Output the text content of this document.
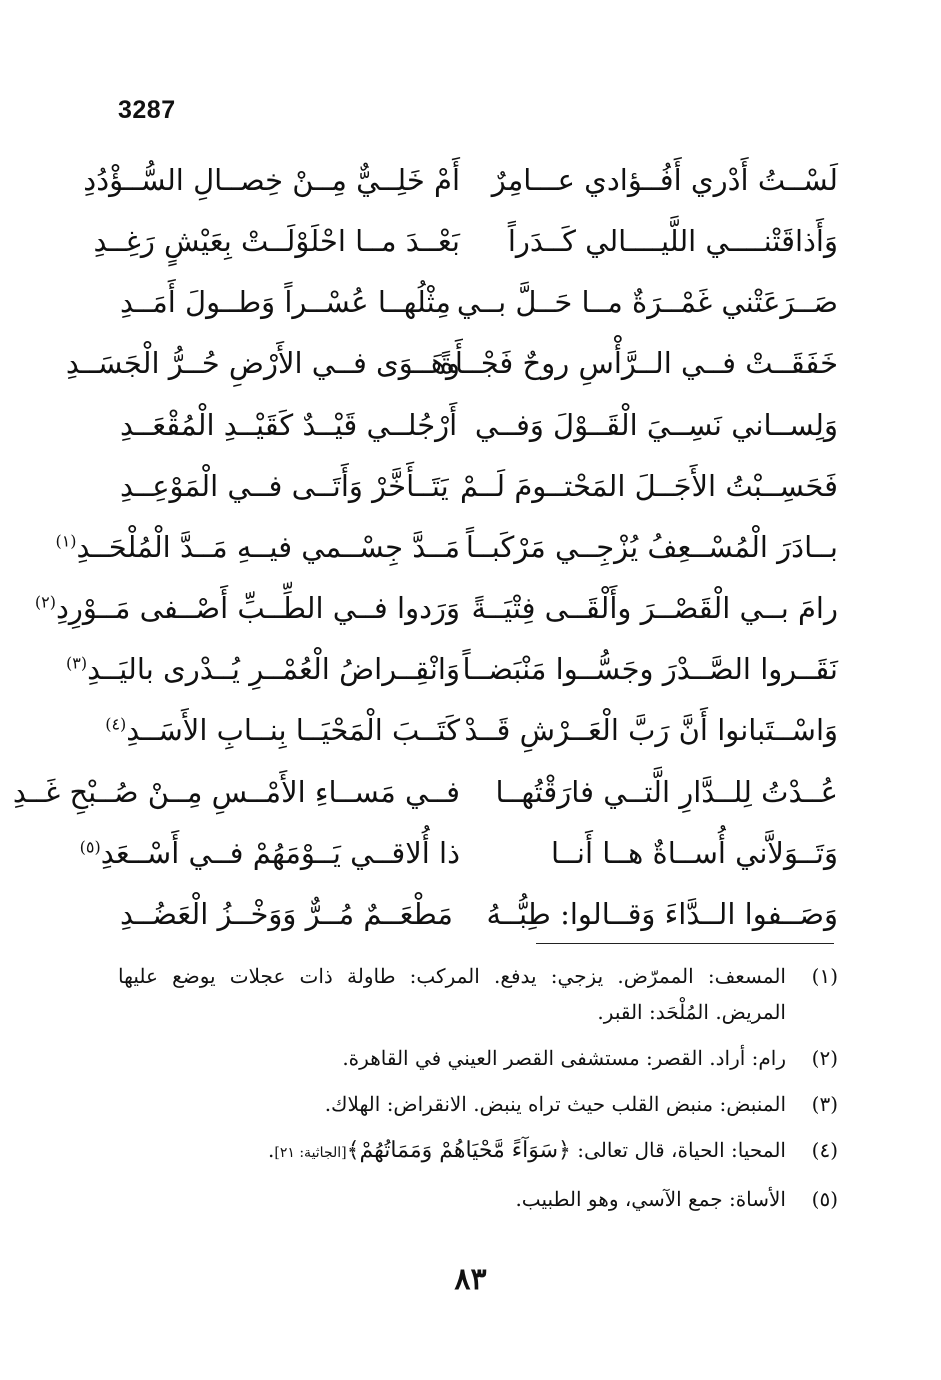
3287
لَسْــتُ أَدْري أَفُــؤادي عـــامِرٌ
أَمْ خَلِــيٌّ مِــنْ خِصــالِ السُّــؤْدُدِ
وَأَذاقَتْنــــي اللَّيــــالي كَــدَراً
بَعْــدَ مــا احْلَوْلَــتْ بِعَيْشٍ رَغِــدِ
صَــرَعَتْني غَمْــرَةٌ مــا حَــلَّ بــي
مِثْلُهــا عُسْــراً وَطــولَ أَمَــدِ
خَفَقَــتْ فــي الــرَّأْسِ روحٌ فَجْــأَةً
وهَــوَى فــي الأَرْضِ حُــرُّ الْجَسَــدِ
وَلِســاني نَسِــيَ الْقَــوْلَ وَفــي
أَرْجُلــي قَيْــدٌ كَقَيْــدِ الْمُقْعَــدِ
فَحَسِــبْتُ الأَجَــلَ المَحْتــومَ لَــمْ
يَتَــأَخَّرْ وَأَتَــى فــي الْمَوْعِــدِ
بــادَرَ الْمُسْــعِفُ يُزْجِــي مَرْكَبــاً
مَــدَّ جِسْــمي فيــهِ مَــدَّ الْمُلْحَــدِ$^{(١)}$
رامَ بــي الْقَصْــرَ وأَلْقَــى فِتْيَــةً
وَرَدوا فــي الطِّــبِّ أَصْــفى مَــوْرِدِ$^{(٢)}$
نَقَــروا الصَّــدْرَ وجَسُّــوا مَنْبَضــاً
وَانْقِــراضُ الْعُمْــرِ يُــدْرى باليَــدِ$^{(٣)}$
وَاسْــتَبانوا أَنَّ رَبَّ الْعَــرْشِ قَــدْ
كَتَــبَ الْمَحْيَــا بِنــابِ الأَسَــدِ$^{(٤)}$
عُــدْتُ لِلــدَّارِ الَّتــي فارَقْتُهــا
فــي مَســاءِ الأَمْــسِ مِــنْ صُــبْحِ غَــدِ
وَتَــوَلاَّني أُســاةٌ هــا أَنــا
ذا أُلاقــي يَــوْمَهُمْ فــي أَسْــعَدِ$^{(٥)}$
وَصَــفوا الــدَّاءَ وَقــالوا: طِبُّــهُ
مَطْعَــمٌ مُــرٌّ وَوَخْــزُ الْعَضُــدِ
(١)
المسعف: الممرّض. يزجي: يدفع. المركب: طاولة ذات عجلات يوضع عليها المريض. المُلْحَد: القبر.
(٢)
رام: أراد. القصر: مستشفى القصر العيني في القاهرة.
(٣)
المنبض: منبض القلب حيث تراه ينبض. الانقراض: الهلاك.
(٤)
المحيا: الحياة، قال تعالى: ﴿سَوَآءً مَّحْيَاهُمْ وَمَمَاتُهُمْ﴾[الجاثية: ٢١].
(٥)
الأساة: جمع الآسي، وهو الطبيب.
٨٣
